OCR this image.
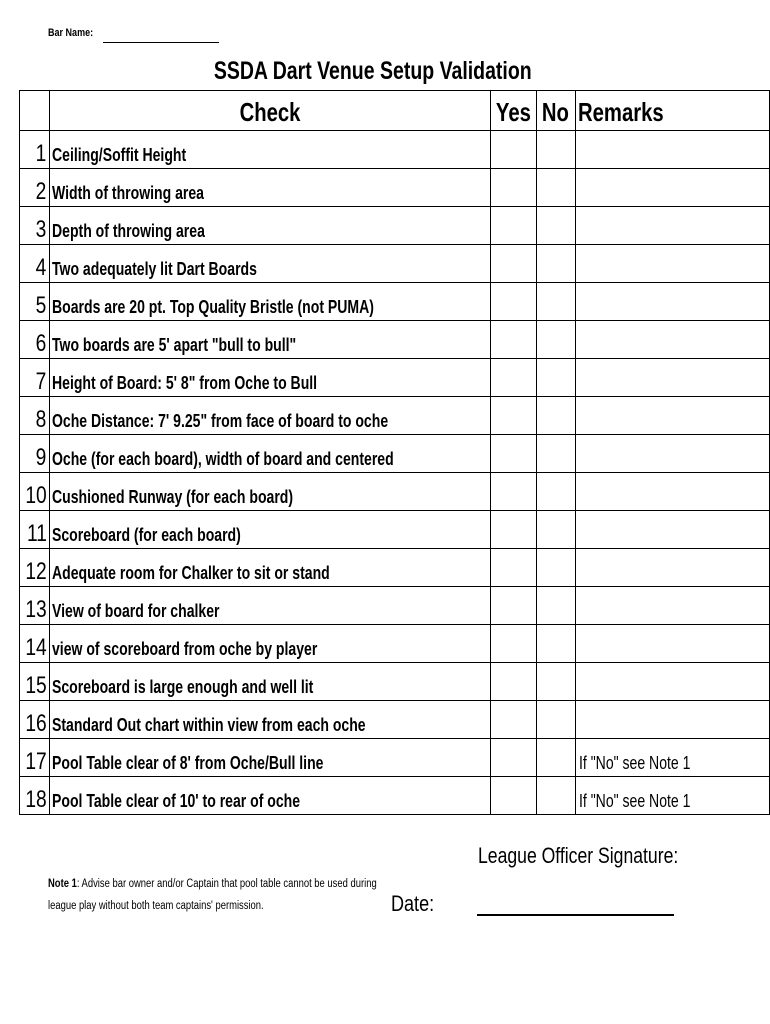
Bar Name:
SSDA Dart Venue Setup Validation
	Check	Yes	No	Remarks
1	Ceiling/Soffit Height			
2	Width of throwing area			
3	Depth of throwing area			
4	Two adequately lit Dart Boards			
5	Boards are 20 pt. Top Quality Bristle (not PUMA)			
6	Two boards are 5' apart "bull to bull"			
7	Height of Board: 5' 8" from Oche to Bull			
8	Oche Distance: 7' 9.25" from face of board to oche			
9	Oche (for each board), width of board and centered			
10	Cushioned Runway (for each board)			
11	Scoreboard (for each board)			
12	Adequate room for Chalker to sit or stand			
13	View of board for chalker			
14	view of scoreboard from oche by player			
15	Scoreboard is large enough and well lit			
16	Standard Out chart within view from each oche			
17	Pool Table clear of 8' from Oche/Bull line			If "No" see Note 1
18	Pool Table clear of 10' to rear of oche			If "No" see Note 1
League Officer Signature:
Note 1: Advise bar owner and/or Captain that pool table cannot be used during
league play without both team captains' permission.	Date:
